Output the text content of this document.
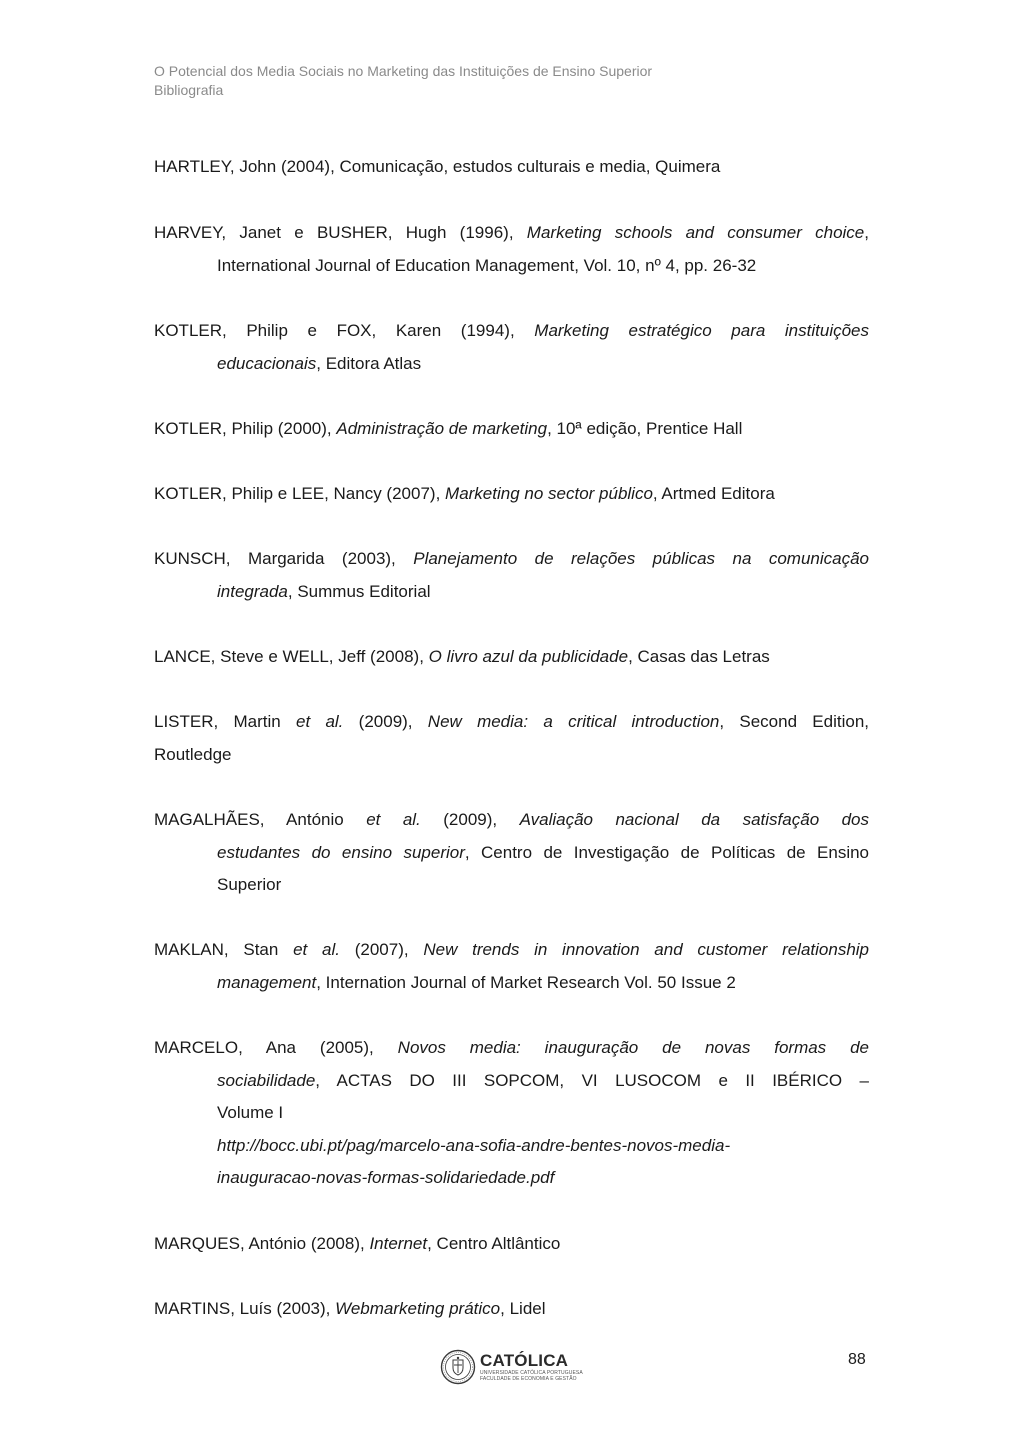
O Potencial dos Media Sociais no Marketing das Instituições de Ensino Superior
Bibliografia
HARTLEY, John (2004), Comunicação, estudos culturais e media, Quimera
HARVEY, Janet e BUSHER, Hugh (1996), Marketing schools and consumer choice,
International Journal of Education Management, Vol. 10, nº 4, pp. 26-32
KOTLER, Philip e FOX, Karen (1994), Marketing estratégico para instituições
educacionais, Editora Atlas
KOTLER, Philip (2000), Administração de marketing, 10ª edição, Prentice Hall
KOTLER, Philip e LEE, Nancy (2007), Marketing no sector público, Artmed Editora
KUNSCH, Margarida (2003), Planejamento de relações públicas na comunicação
integrada, Summus Editorial
LANCE, Steve e WELL, Jeff (2008), O livro azul da publicidade, Casas das Letras
LISTER, Martin et al. (2009), New media: a critical introduction, Second Edition,
Routledge
MAGALHÃES, António et al. (2009), Avaliação nacional da satisfação dos
estudantes do ensino superior, Centro de Investigação de Políticas de Ensino
Superior
MAKLAN, Stan et al. (2007), New trends in innovation and customer relationship
management, Internation Journal of Market Research Vol. 50 Issue 2
MARCELO, Ana (2005), Novos media: inauguração de novas formas de
sociabilidade, ACTAS DO III SOPCOM, VI LUSOCOM e II IBÉRICO –
Volume I
http://bocc.ubi.pt/pag/marcelo-ana-sofia-andre-bentes-novos-media-
inauguracao-novas-formas-solidariedade.pdf
MARQUES, António (2008), Internet, Centro Altlântico
MARTINS, Luís (2003), Webmarketing prático, Lidel
CATÓLICA
UNIVERSIDADE CATÓLICA PORTUGUESA
FACULDADE DE ECONOMIA E GESTÃO
88
